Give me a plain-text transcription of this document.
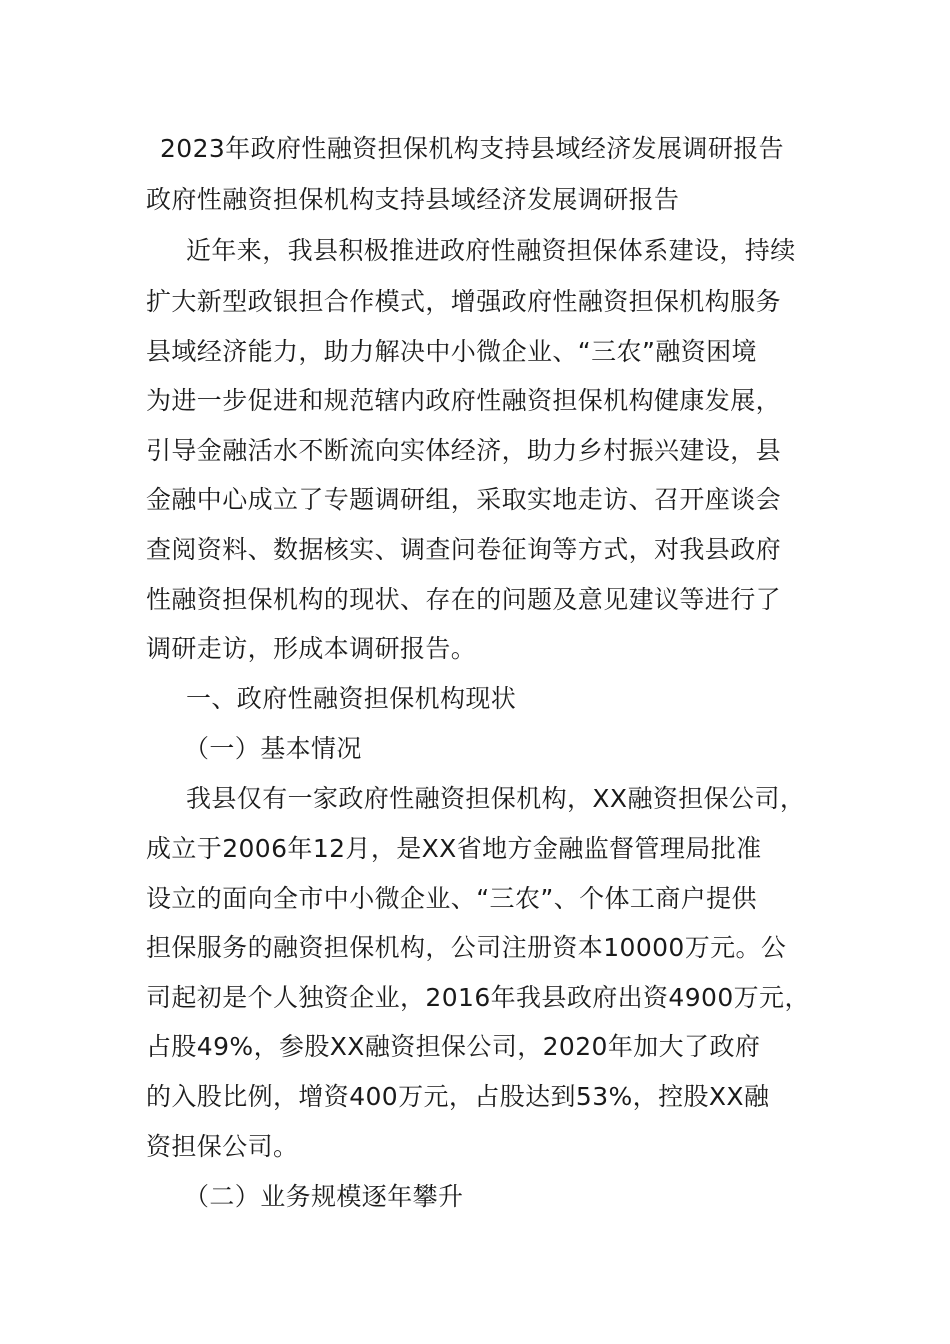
2023年政府性融资担保机构支持县域经济发展调研报告
政府性融资担保机构支持县域经济发展调研报告
近年来，我县积极推进政府性融资担保体系建设，持续
扩大新型政银担合作模式，增强政府性融资担保机构服务
县域经济能力，助力解决中小微企业、“三农”融资困境
为进一步促进和规范辖内政府性融资担保机构健康发展，
引导金融活水不断流向实体经济，助力乡村振兴建设，县
金融中心成立了专题调研组，采取实地走访、召开座谈会
查阅资料、数据核实、调查问卷征询等方式，对我县政府
性融资担保机构的现状、存在的问题及意见建议等进行了
调研走访，形成本调研报告。
一、政府性融资担保机构现状
（一）基本情况
我县仅有一家政府性融资担保机构，XX融资担保公司，
成立于2006年12月，是XX省地方金融监督管理局批准
设立的面向全市中小微企业、“三农”、个体工商户提供
担保服务的融资担保机构，公司注册资本10000万元。公
司起初是个人独资企业，2016年我县政府出资4900万元，
占股49%，参股XX融资担保公司，2020年加大了政府
的入股比例，增资400万元，占股达到53%，控股XX融
资担保公司。
（二）业务规模逐年攀升
